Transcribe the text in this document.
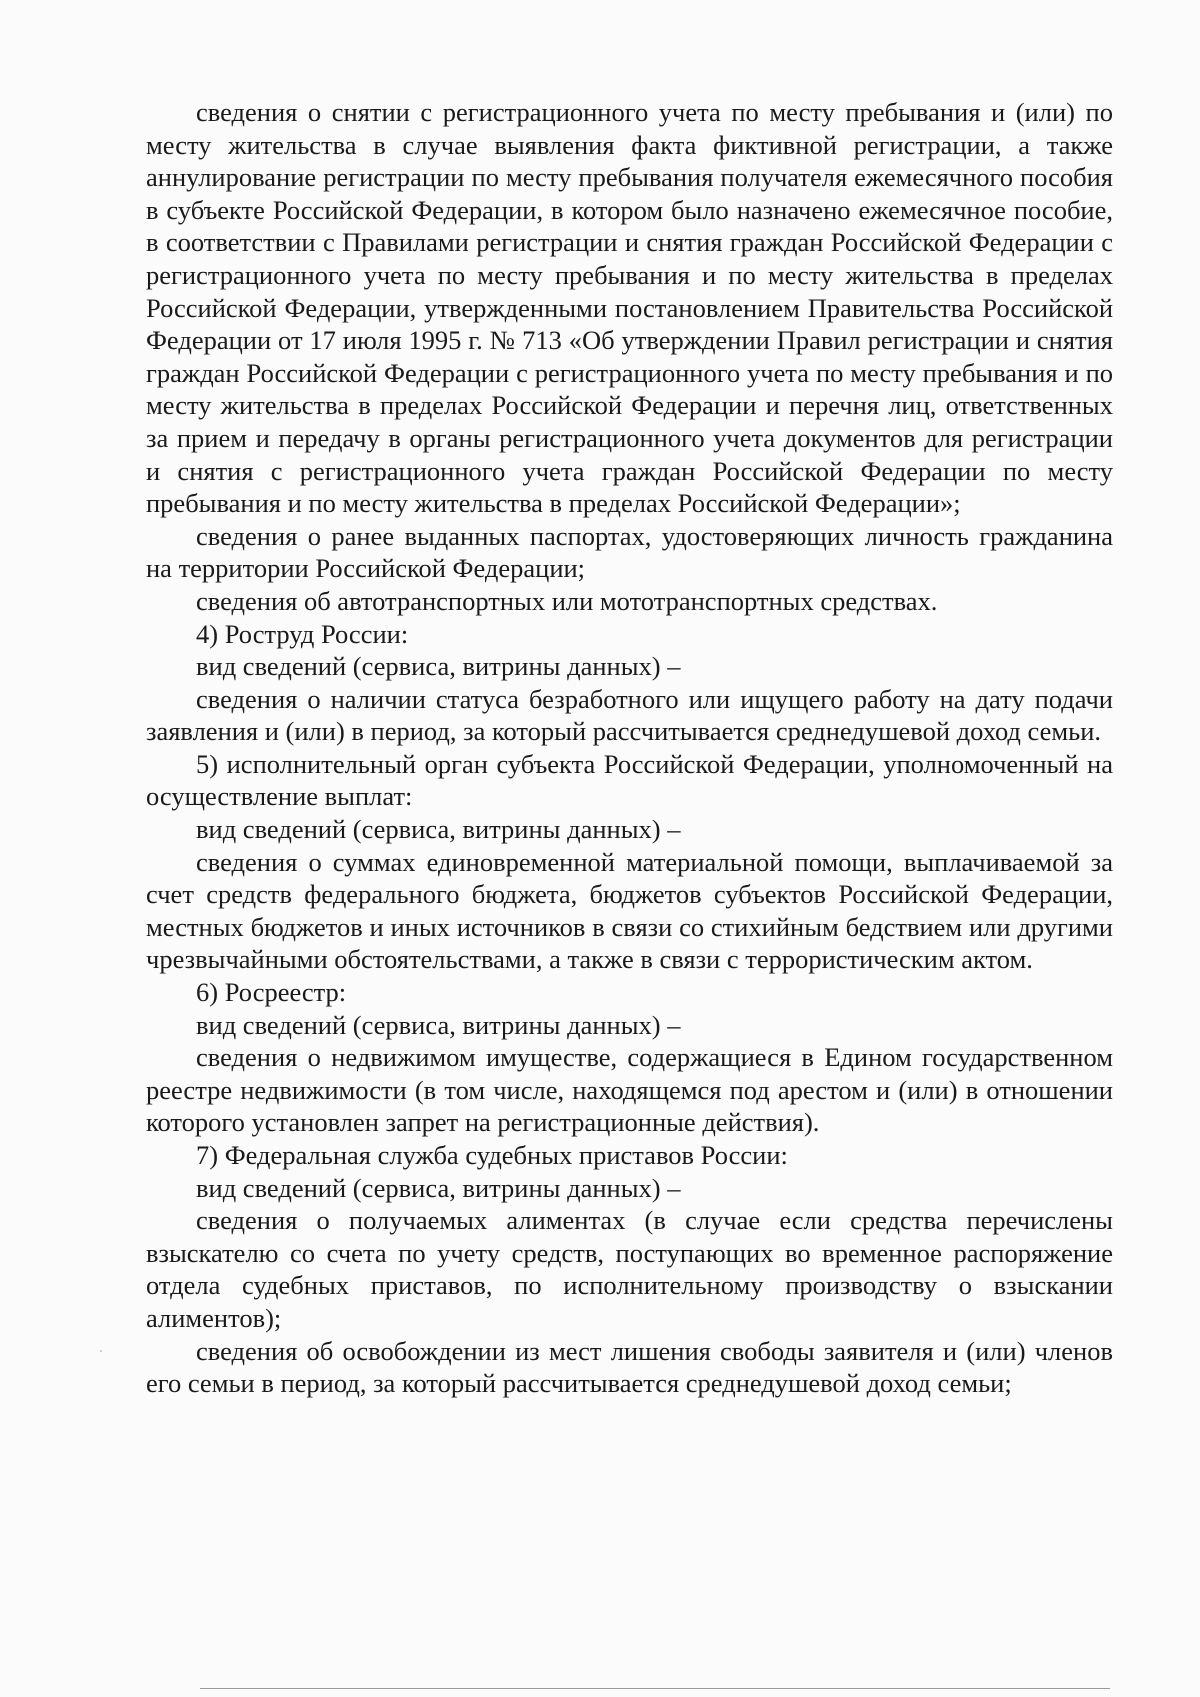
сведения о снятии с регистрационного учета по месту пребывания и (или) по месту жительства в случае выявления факта фиктивной регистрации, а также аннулирование регистрации по месту пребывания получателя ежемесячного пособия в субъекте Российской Федерации, в котором было назначено ежемесячное пособие, в соответствии с Правилами регистрации и снятия граждан Российской Федерации с регистрационного учета по месту пребывания и по месту жительства в пределах Российской Федерации, утвержденными постановлением Правительства Российской Федерации от 17 июля 1995 г. № 713 «Об утверждении Правил регистрации и снятия граждан Российской Федерации с регистрационного учета по месту пребывания и по месту жительства в пределах Российской Федерации и перечня лиц, ответственных за прием и передачу в органы регистрационного учета документов для регистрации и снятия с регистрационного учета граждан Российской Федерации по месту пребывания и по месту жительства в пределах Российской Федерации»;

сведения о ранее выданных паспортах, удостоверяющих личность гражданина на территории Российской Федерации;

сведения об автотранспортных или мототранспортных средствах.

4) Роструд России:

вид сведений (сервиса, витрины данных) –

сведения о наличии статуса безработного или ищущего работу на дату подачи заявления и (или) в период, за который рассчитывается среднедушевой доход семьи.

5) исполнительный орган субъекта Российской Федерации, уполномоченный на осуществление выплат:

вид сведений (сервиса, витрины данных) –

сведения о суммах единовременной материальной помощи, выплачиваемой за счет средств федерального бюджета, бюджетов субъектов Российской Федерации, местных бюджетов и иных источников в связи со стихийным бедствием или другими чрезвычайными обстоятельствами, а также в связи с террористическим актом.

6) Росреестр:

вид сведений (сервиса, витрины данных) –

сведения о недвижимом имуществе, содержащиеся в Едином государственном реестре недвижимости (в том числе, находящемся под арестом и (или) в отношении которого установлен запрет на регистрационные действия).

7) Федеральная служба судебных приставов России:

вид сведений (сервиса, витрины данных) –

сведения о получаемых алиментах (в случае если средства перечислены взыскателю со счета по учету средств, поступающих во временное распоряжение отдела судебных приставов, по исполнительному производству о взыскании алиментов);

сведения об освобождении из мест лишения свободы заявителя и (или) членов его семьи в период, за который рассчитывается среднедушевой доход семьи;
